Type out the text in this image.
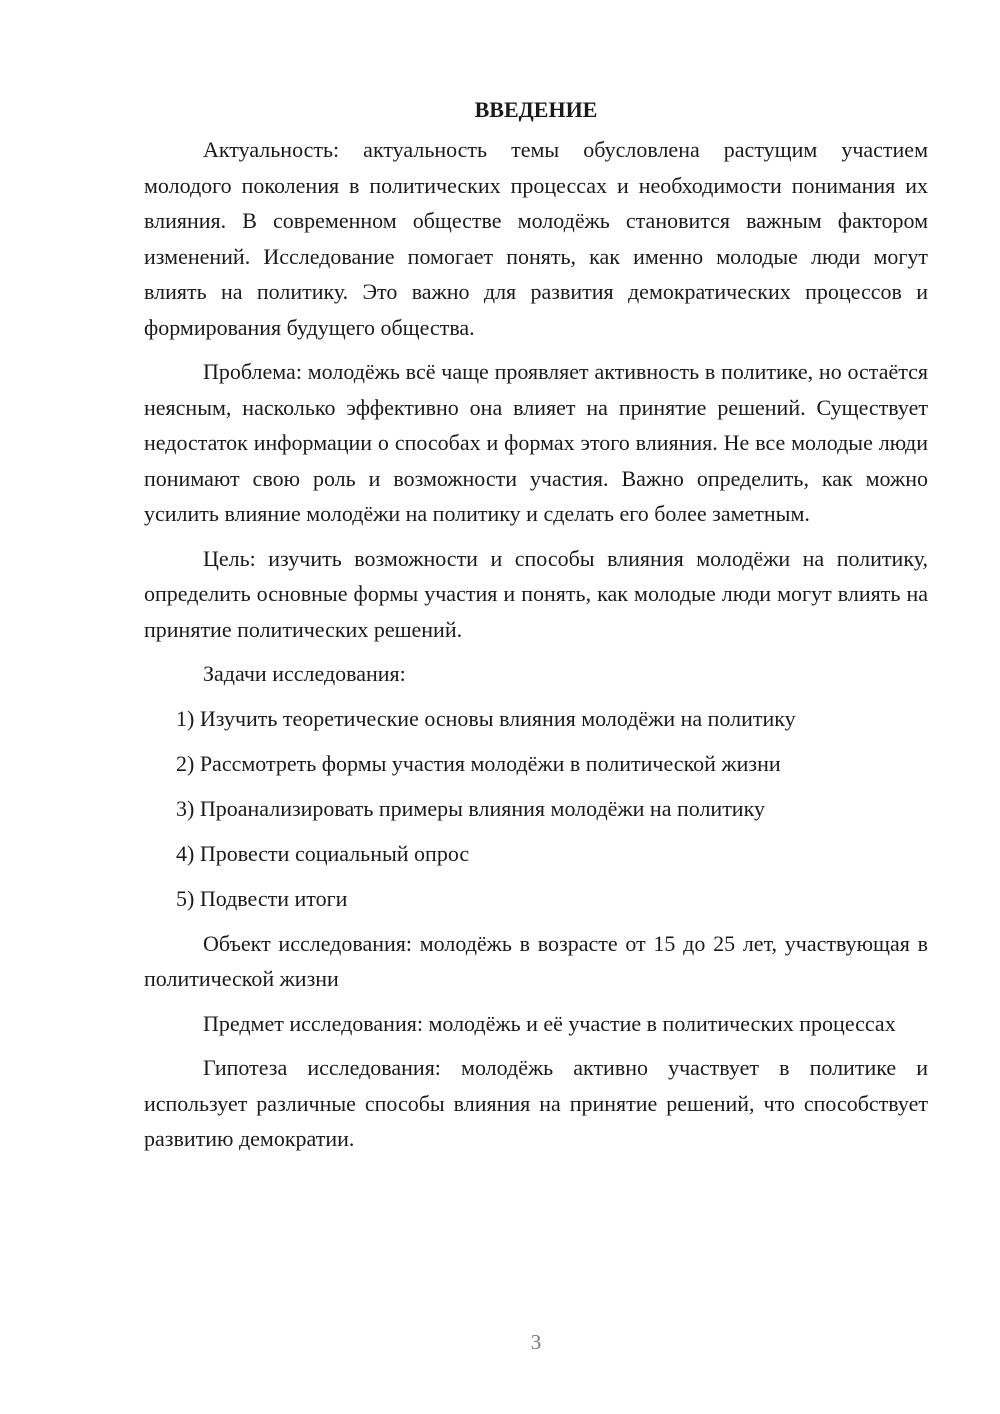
ВВЕДЕНИЕ

Актуальность: актуальность темы обусловлена растущим участием молодого поколения в политических процессах и необходимости понимания их влияния. В современном обществе молодёжь становится важным фактором изменений. Исследование помогает понять, как именно молодые люди могут влиять на политику. Это важно для развития демократических процессов и формирования будущего общества.

Проблема: молодёжь всё чаще проявляет активность в политике, но остаётся неясным, насколько эффективно она влияет на принятие решений. Существует недостаток информации о способах и формах этого влияния. Не все молодые люди понимают свою роль и возможности участия. Важно определить, как можно усилить влияние молодёжи на политику и сделать его более заметным.

Цель: изучить возможности и способы влияния молодёжи на политику, определить основные формы участия и понять, как молодые люди могут влиять на принятие политических решений.

Задачи исследования:

1) Изучить теоретические основы влияния молодёжи на политику
2) Рассмотреть формы участия молодёжи в политической жизни
3) Проанализировать примеры влияния молодёжи на политику
4) Провести социальный опрос
5) Подвести итоги

Объект исследования: молодёжь в возрасте от 15 до 25 лет, участвующая в политической жизни

Предмет исследования: молодёжь и её участие в политических процессах

Гипотеза исследования: молодёжь активно участвует в политике и использует различные способы влияния на принятие решений, что способствует развитию демократии.

3
